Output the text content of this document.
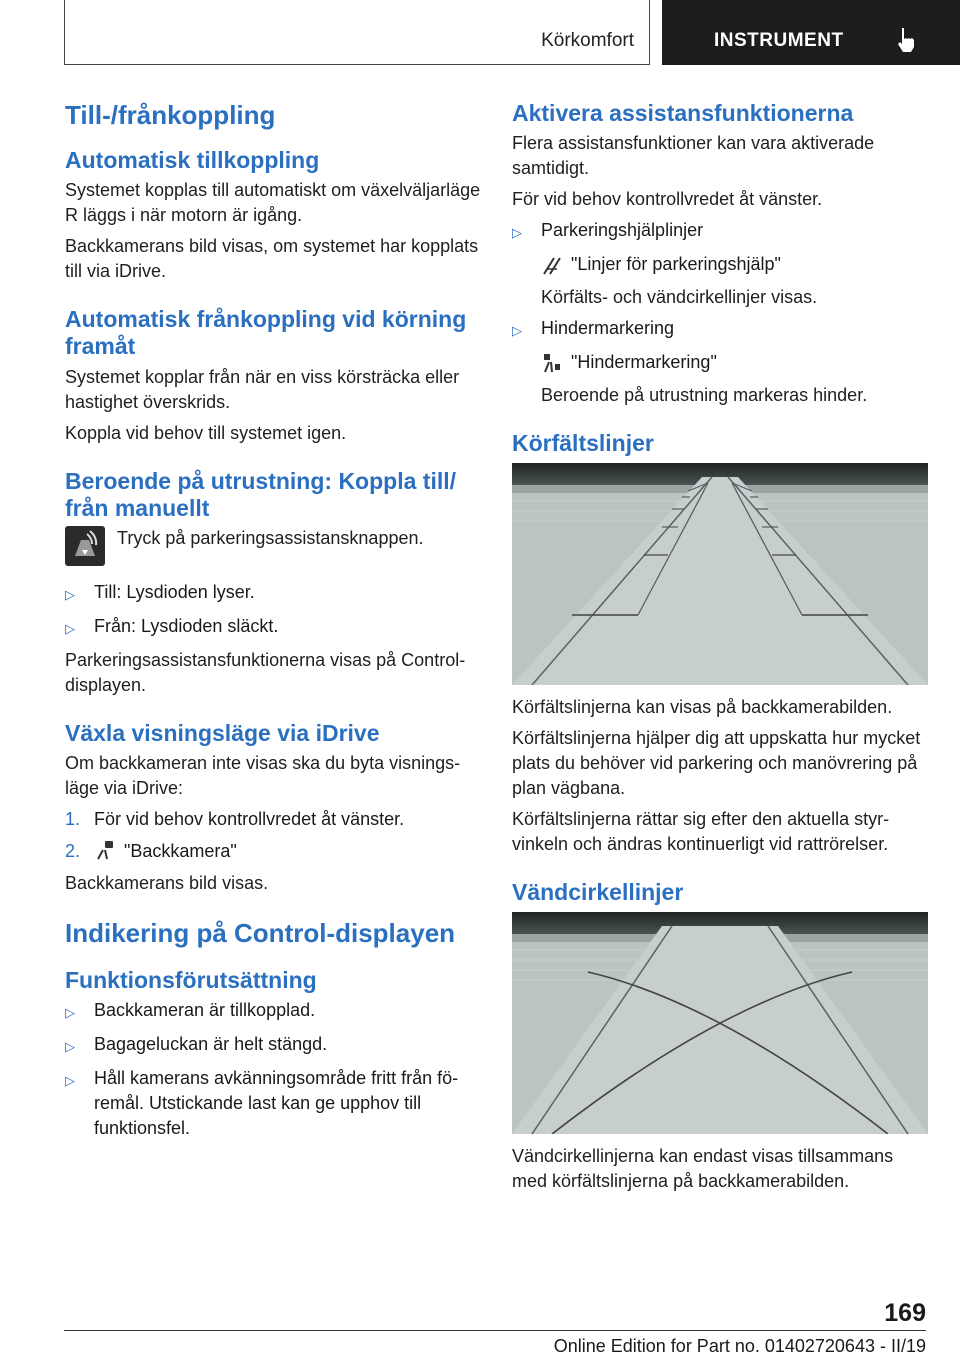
Körkomfort	INSTRUMENT
Till-/frånkoppling
Automatisk tillkoppling

Systemet kopplas till automatiskt om växelväljarläge R läggs i när motorn är igång.

Backkamerans bild visas, om systemet har kopplats till via iDrive.

Automatisk frånkoppling vid körning framåt

Systemet kopplar från när en viss körsträcka eller hastighet överskrids.

Koppla vid behov till systemet igen.

Beroende på utrustning: Koppla till/ från manuellt

Tryck på parkeringsassistansknappen.

▷	Till: Lysdioden lyser.
▷	Från: Lysdioden släckt.

Parkeringsassistansfunktionerna visas på Control-displayen.

Växla visningsläge via iDrive

Om backkameran inte visas ska du byta visningsläge via iDrive:

1. För vid behov kontrollvredet åt vänster.
2.	"Backkamera"

Backkamerans bild visas.

Indikering på Control-displayen
Funktionsförutsättning
▷	Backkameran är tillkopplad.
▷	Bagageluckan är helt stängd.
▷	Håll kamerans avkänningsområde fritt från föremål. Utstickande last kan ge upphov till funktionsfel.
Aktivera assistansfunktionerna

Flera assistansfunktioner kan vara aktiverade samtidigt.

För vid behov kontrollvredet åt vänster.

▷	Parkeringshjälplinjer
"Linjer för parkeringshjälp"

Körfälts- och vändcirkellinjer visas.

▷	Hindermarkering
"Hindermarkering"

Beroende på utrustning markeras hinder.

Körfältslinjer

Körfältslinjerna kan visas på backkamerabilden.

Körfältslinjerna hjälper dig att uppskatta hur mycket plats du behöver vid parkering och manövrering på plan vägbana.

Körfältslinjerna rättar sig efter den aktuella styrvinkeln och ändras kontinuerligt vid rattrörelser.

Vändcirkellinjer

Vändcirkellinjerna kan endast visas tillsammans med körfältslinjerna på backkamerabilden.

169
Online Edition for Part no. 01402720643 - II/19
